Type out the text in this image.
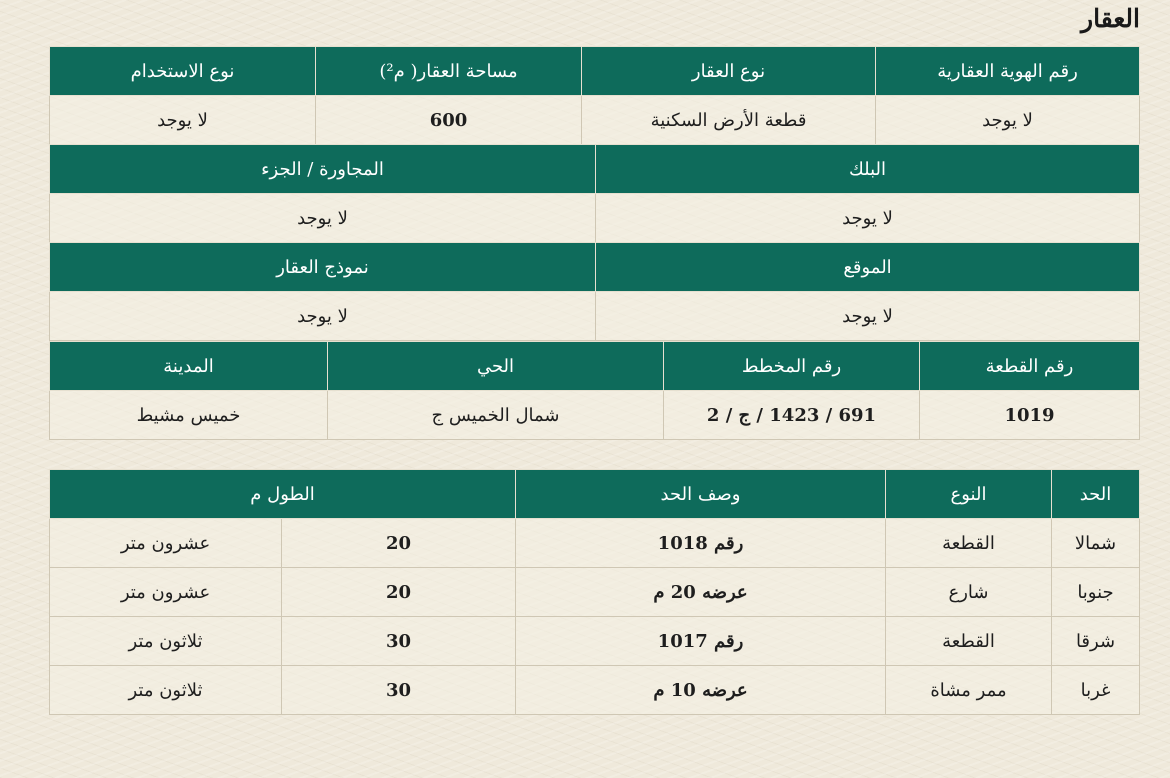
العقار
رقم الهوية العقارية	نوع العقار	مساحة العقار( م²)	نوع الاستخدام
لا يوجد	قطعة الأرض السكنية	600	لا يوجد
البلك	المجاورة / الجزء
لا يوجد	لا يوجد
الموقع	نموذج العقار
لا يوجد	لا يوجد
رقم القطعة	رقم المخطط	الحي	المدينة
1019	691 / 1423 / ج / 2	شمال الخميس ج	خميس مشيط
الحد	النوع	وصف الحد	الطول م	
شمالا	القطعة	رقم 1018	20	عشرون متر
جنوبا	شارع	عرضه 20 م	20	عشرون متر
شرقا	القطعة	رقم 1017	30	ثلاثون متر
غربا	ممر مشاة	عرضه 10 م	30	ثلاثون متر
